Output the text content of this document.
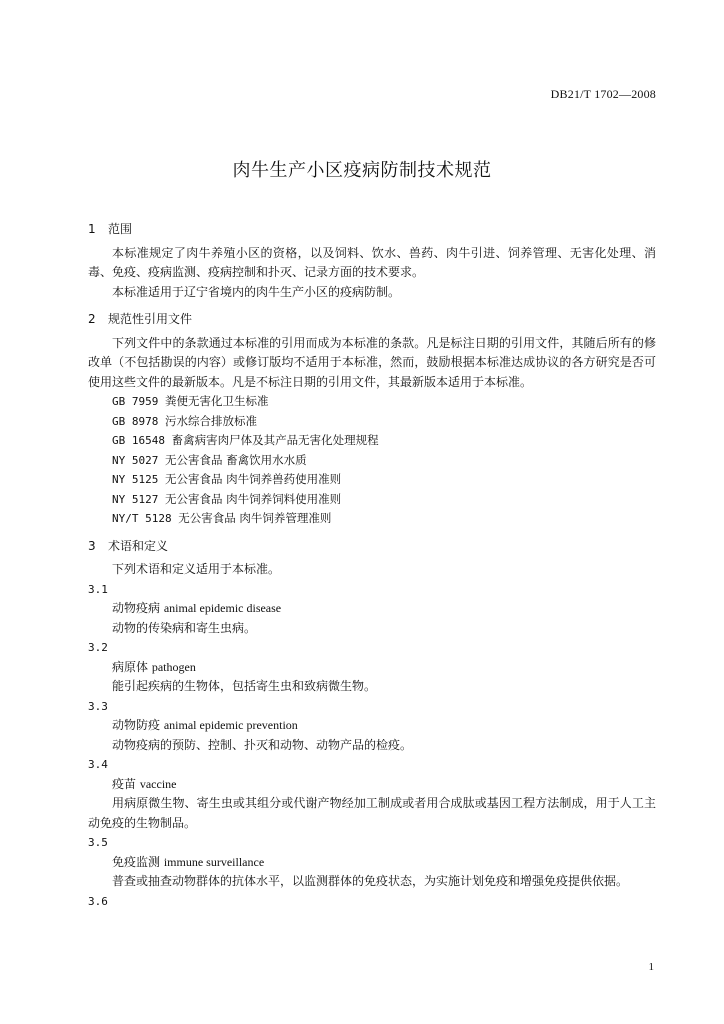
DB21/T 1702—2008
肉牛生产小区疫病防制技术规范
1 范围

本标准规定了肉牛养殖小区的资格，以及饲料、饮水、兽药、肉牛引进、饲养管理、无害化处理、消毒、免疫、疫病监测、疫病控制和扑灭、记录方面的技术要求。

本标准适用于辽宁省境内的肉牛生产小区的疫病防制。

2 规范性引用文件

下列文件中的条款通过本标准的引用而成为本标准的条款。凡是标注日期的引用文件，其随后所有的修改单（不包括勘误的内容）或修订版均不适用于本标准，然而，鼓励根据本标准达成协议的各方研究是否可使用这些文件的最新版本。凡是不标注日期的引用文件，其最新版本适用于本标准。

GB 7959 粪便无害化卫生标准
GB 8978 污水综合排放标准
GB 16548 畜禽病害肉尸体及其产品无害化处理规程
NY 5027 无公害食品 畜禽饮用水水质
NY 5125 无公害食品 肉牛饲养兽药使用准则
NY 5127 无公害食品 肉牛饲养饲料使用准则
NY/T 5128 无公害食品 肉牛饲养管理准则
3 术语和定义

下列术语和定义适用于本标准。

3.1
动物疫病 animal epidemic disease

动物的传染病和寄生虫病。

3.2
病原体 pathogen

能引起疾病的生物体，包括寄生虫和致病微生物。

3.3
动物防疫 animal epidemic prevention

动物疫病的预防、控制、扑灭和动物、动物产品的检疫。

3.4
疫苗 vaccine

用病原微生物、寄生虫或其组分或代谢产物经加工制成或者用合成肽或基因工程方法制成，用于人工主动免疫的生物制品。

3.5
免疫监测 immune surveillance

普查或抽查动物群体的抗体水平，以监测群体的免疫状态，为实施计划免疫和增强免疫提供依据。

3.6
1
